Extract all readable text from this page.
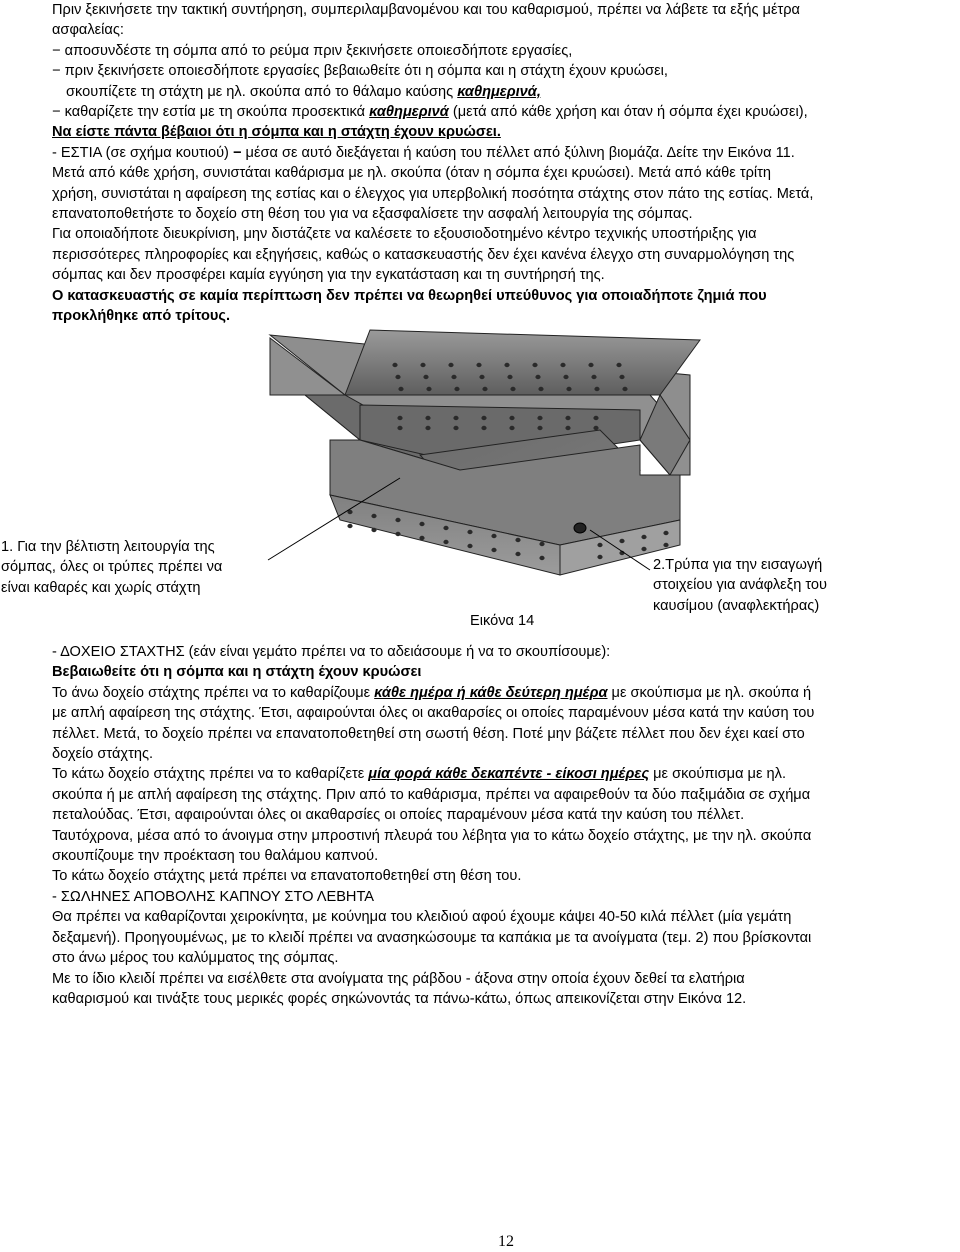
Πριν ξεκινήσετε την τακτική συντήρηση, συμπεριλαμβανομένου και του καθαρισμού, πρέπει να λάβετε τα εξής μέτρα
ασφαλείας:
− αποσυνδέστε τη σόμπα από το ρεύμα πριν ξεκινήσετε οποιεσδήποτε εργασίες,
− πριν ξεκινήσετε οποιεσδήποτε εργασίες βεβαιωθείτε ότι η σόμπα και η στάχτη έχουν κρυώσει,
σκουπίζετε τη στάχτη με ηλ. σκούπα από το θάλαμο καύσης καθημερινά,
− καθαρίζετε την εστία με τη σκούπα προσεκτικά καθημερινά (μετά από κάθε χρήση και όταν ή σόμπα έχει κρυώσει),
Να είστε πάντα βέβαιοι ότι η σόμπα και η στάχτη έχουν κρυώσει.
- ΕΣΤΙΑ (σε σχήμα κουτιού) − μέσα σε αυτό διεξάγεται ή καύση του πέλλετ από ξύλινη βιομάζα. Δείτε την Εικόνα 11.
Μετά από κάθε χρήση, συνιστάται καθάρισμα με ηλ. σκούπα (όταν η σόμπα έχει κρυώσει). Μετά από κάθε τρίτη
χρήση, συνιστάται η αφαίρεση της εστίας και ο έλεγχος για υπερβολική ποσότητα στάχτης στον πάτο της εστίας. Μετά,
επανατοποθετήστε το δοχείο στη θέση του για να εξασφαλίσετε την ασφαλή λειτουργία της σόμπας.
Για οποιαδήποτε διευκρίνιση, μην διστάζετε να καλέσετε το εξουσιοδοτημένο κέντρο τεχνικής υποστήριξης για
περισσότερες πληροφορίες και εξηγήσεις, καθώς ο κατασκευαστής δεν έχει κανένα έλεγχο στη συναρμολόγηση της
σόμπας και δεν προσφέρει καμία εγγύηση για την εγκατάσταση και τη συντήρησή της.
Ο κατασκευαστής σε καμία περίπτωση δεν πρέπει να θεωρηθεί υπεύθυνος για οποιαδήποτε ζημιά που
προκλήθηκε από τρίτους.
1. Για την βέλτιστη λειτουργία της
σόμπας, όλες οι τρύπες πρέπει να
είναι καθαρές και χωρίς στάχτη
2.Τρύπα για την εισαγωγή
στοιχείου για ανάφλεξη του
καυσίμου (αναφλεκτήρας)
Εικόνα 14
- ΔΟΧΕΙΟ ΣΤΑΧΤΗΣ (εάν είναι γεμάτο πρέπει να το αδειάσουμε ή να το σκουπίσουμε):
Βεβαιωθείτε ότι η σόμπα και η στάχτη έχουν κρυώσει
Το άνω δοχείο στάχτης πρέπει να το καθαρίζουμε κάθε ημέρα ή κάθε δεύτερη ημέρα με σκούπισμα με ηλ. σκούπα ή
με απλή αφαίρεση της στάχτης. Έτσι, αφαιρούνται όλες οι ακαθαρσίες οι οποίες παραμένουν μέσα κατά την καύση του
πέλλετ. Μετά, το δοχείο πρέπει να επανατοποθετηθεί στη σωστή θέση. Ποτέ μην βάζετε πέλλετ που δεν έχει καεί στο
δοχείο στάχτης.
Το κάτω δοχείο στάχτης πρέπει να το καθαρίζετε μία φορά κάθε δεκαπέντε - είκοσι ημέρες με σκούπισμα με ηλ.
σκούπα ή με απλή αφαίρεση της στάχτης. Πριν από το καθάρισμα, πρέπει να αφαιρεθούν τα δύο παξιμάδια σε σχήμα
πεταλούδας. Έτσι, αφαιρούνται όλες οι ακαθαρσίες οι οποίες παραμένουν μέσα κατά την καύση του πέλλετ.
Ταυτόχρονα, μέσα από το άνοιγμα στην μπροστινή πλευρά του λέβητα για το κάτω δοχείο στάχτης, με την ηλ. σκούπα
σκουπίζουμε την προέκταση του θαλάμου καπνού.
Το κάτω δοχείο στάχτης μετά πρέπει να επανατοποθετηθεί στη θέση του.
- ΣΩΛΗΝΕΣ ΑΠΟΒΟΛΗΣ ΚΑΠΝΟΥ ΣΤΟ ΛΕΒΗΤΑ
Θα πρέπει να καθαρίζονται χειροκίνητα, με κούνημα του κλειδιού αφού έχουμε κάψει 40-50 κιλά πέλλετ (μία γεμάτη
δεξαμενή). Προηγουμένως, με το κλειδί πρέπει να ανασηκώσουμε τα καπάκια με τα ανοίγματα (τεμ. 2) που βρίσκονται
στο άνω μέρος του καλύμματος της σόμπας.
Με το ίδιο κλειδί πρέπει να εισέλθετε στα ανοίγματα της ράβδου - άξονα στην οποία έχουν δεθεί τα ελατήρια
καθαρισμού και τινάξτε τους μερικές φορές σηκώνοντάς τα πάνω-κάτω, όπως απεικονίζεται στην Εικόνα 12.
12
